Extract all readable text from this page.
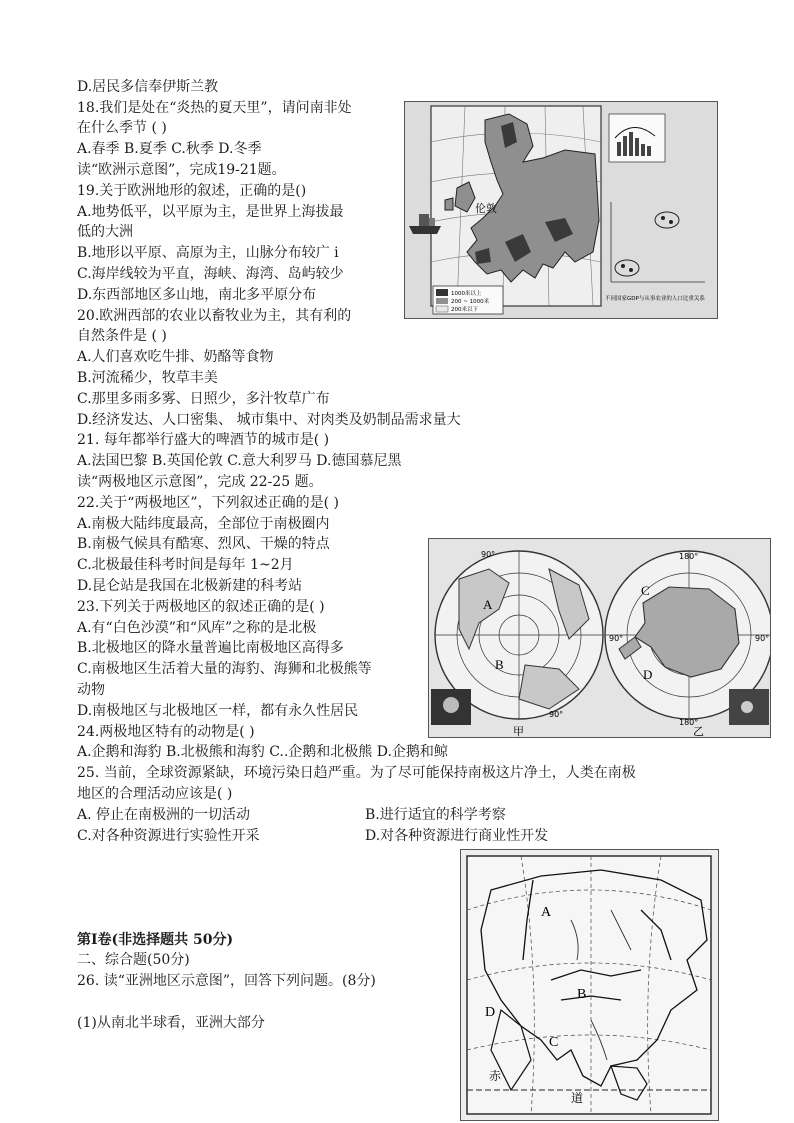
D.居民多信奉伊斯兰教
18.我们是处在“炎热的夏天里”，请问南非处
在什么季节 ( )
A.春季 B.夏季 C.秋季 D.冬季
读“欧洲示意图”，完成19-21题。
19.关于欧洲地形的叙述，正确的是()
A.地势低平，以平原为主，是世界上海拔最
低的大洲
B.地形以平原、高原为主，山脉分布较广 i
C.海岸线较为平直，海峡、海湾、岛屿较少
D.东西部地区多山地，南北多平原分布
20.欧洲西部的农业以畜牧业为主，其有利的
自然条件是 ( )
A.人们喜欢吃牛排、奶酪等食物
B.河流稀少，牧草丰美
C.那里多雨多雾、日照少，多汁牧草广布
D.经济发达、人口密集、 城市集中、对肉类及奶制品需求量大
21. 每年都举行盛大的啤酒节的城市是( )
A.法国巴黎 B.英国伦敦 C.意大利罗马 D.德国慕尼黑
读“两极地区示意图”，完成 22-25 题。
22.关于“两极地区”，下列叙述正确的是( )
A.南极大陆纬度最高，全部位于南极圈内
B.南极气候具有酷寒、烈风、干燥的特点
C.北极最佳科考时间是每年 1~2月
D.昆仑站是我国在北极新建的科考站
23.下列关于两极地区的叙述正确的是( )
A.有“白色沙漠”和“风库”之称的是北极
B.北极地区的降水量普遍比南极地区高得多
C.南极地区生活着大量的海豹、海狮和北极熊等
动物
D.南极地区与北极地区一样，都有永久性居民
24.两极地区特有的动物是( )
A.企鹅和海豹 B.北极熊和海豹 C..企鹅和北极熊 D.企鹅和鲸
25. 当前，全球资源紧缺，环境污染日趋严重。为了尽可能保持南极这片净土，人类在南极
地区的合理活动应该是( )
A. 停止在南极洲的一切活动	B.进行适宜的科学考察
C.对各种资源进行实验性开采	D.对各种资源进行商业性开发
第Ⅰ卷(非选择题共 50分)
二、综合题(50分)
26. 读“亚洲地区示意图”，回答下列问题。(8分)
(1)从南北半球看，亚洲大部分
伦敦
1000米以上
200 ~ 1000米
200米以下
不同国家GDP与从事农业的人口比重关系
90°
90°
90°	90°
180°
180°
A
B
C
D
甲	乙
A
B
C
D
赤
道
